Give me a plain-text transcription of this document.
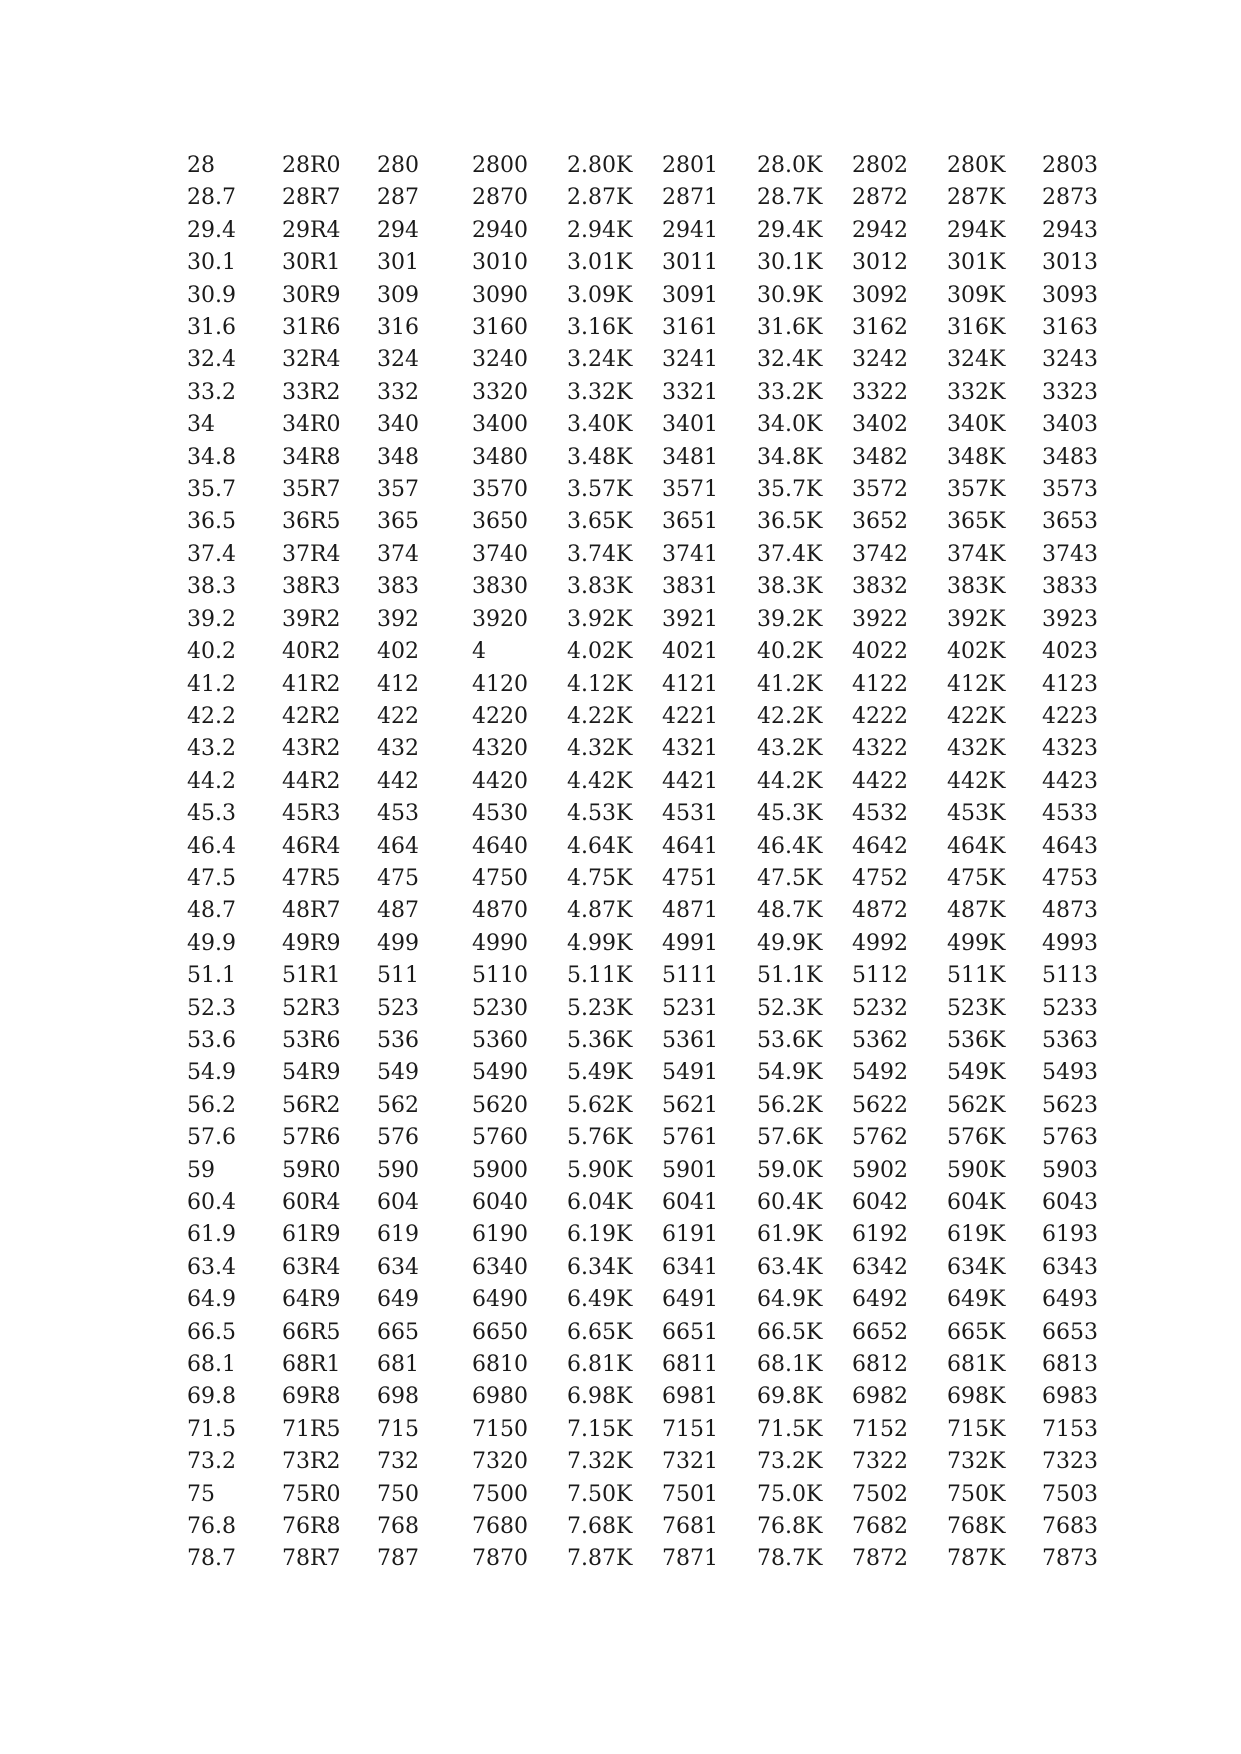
28	28R0	280	2800	2.80K	2801	28.0K	2802	280K	2803
28.7	28R7	287	2870	2.87K	2871	28.7K	2872	287K	2873
29.4	29R4	294	2940	2.94K	2941	29.4K	2942	294K	2943
30.1	30R1	301	3010	3.01K	3011	30.1K	3012	301K	3013
30.9	30R9	309	3090	3.09K	3091	30.9K	3092	309K	3093
31.6	31R6	316	3160	3.16K	3161	31.6K	3162	316K	3163
32.4	32R4	324	3240	3.24K	3241	32.4K	3242	324K	3243
33.2	33R2	332	3320	3.32K	3321	33.2K	3322	332K	3323
34	34R0	340	3400	3.40K	3401	34.0K	3402	340K	3403
34.8	34R8	348	3480	3.48K	3481	34.8K	3482	348K	3483
35.7	35R7	357	3570	3.57K	3571	35.7K	3572	357K	3573
36.5	36R5	365	3650	3.65K	3651	36.5K	3652	365K	3653
37.4	37R4	374	3740	3.74K	3741	37.4K	3742	374K	3743
38.3	38R3	383	3830	3.83K	3831	38.3K	3832	383K	3833
39.2	39R2	392	3920	3.92K	3921	39.2K	3922	392K	3923
40.2	40R2	402	4	4.02K	4021	40.2K	4022	402K	4023
41.2	41R2	412	4120	4.12K	4121	41.2K	4122	412K	4123
42.2	42R2	422	4220	4.22K	4221	42.2K	4222	422K	4223
43.2	43R2	432	4320	4.32K	4321	43.2K	4322	432K	4323
44.2	44R2	442	4420	4.42K	4421	44.2K	4422	442K	4423
45.3	45R3	453	4530	4.53K	4531	45.3K	4532	453K	4533
46.4	46R4	464	4640	4.64K	4641	46.4K	4642	464K	4643
47.5	47R5	475	4750	4.75K	4751	47.5K	4752	475K	4753
48.7	48R7	487	4870	4.87K	4871	48.7K	4872	487K	4873
49.9	49R9	499	4990	4.99K	4991	49.9K	4992	499K	4993
51.1	51R1	511	5110	5.11K	5111	51.1K	5112	511K	5113
52.3	52R3	523	5230	5.23K	5231	52.3K	5232	523K	5233
53.6	53R6	536	5360	5.36K	5361	53.6K	5362	536K	5363
54.9	54R9	549	5490	5.49K	5491	54.9K	5492	549K	5493
56.2	56R2	562	5620	5.62K	5621	56.2K	5622	562K	5623
57.6	57R6	576	5760	5.76K	5761	57.6K	5762	576K	5763
59	59R0	590	5900	5.90K	5901	59.0K	5902	590K	5903
60.4	60R4	604	6040	6.04K	6041	60.4K	6042	604K	6043
61.9	61R9	619	6190	6.19K	6191	61.9K	6192	619K	6193
63.4	63R4	634	6340	6.34K	6341	63.4K	6342	634K	6343
64.9	64R9	649	6490	6.49K	6491	64.9K	6492	649K	6493
66.5	66R5	665	6650	6.65K	6651	66.5K	6652	665K	6653
68.1	68R1	681	6810	6.81K	6811	68.1K	6812	681K	6813
69.8	69R8	698	6980	6.98K	6981	69.8K	6982	698K	6983
71.5	71R5	715	7150	7.15K	7151	71.5K	7152	715K	7153
73.2	73R2	732	7320	7.32K	7321	73.2K	7322	732K	7323
75	75R0	750	7500	7.50K	7501	75.0K	7502	750K	7503
76.8	76R8	768	7680	7.68K	7681	76.8K	7682	768K	7683
78.7	78R7	787	7870	7.87K	7871	78.7K	7872	787K	7873
